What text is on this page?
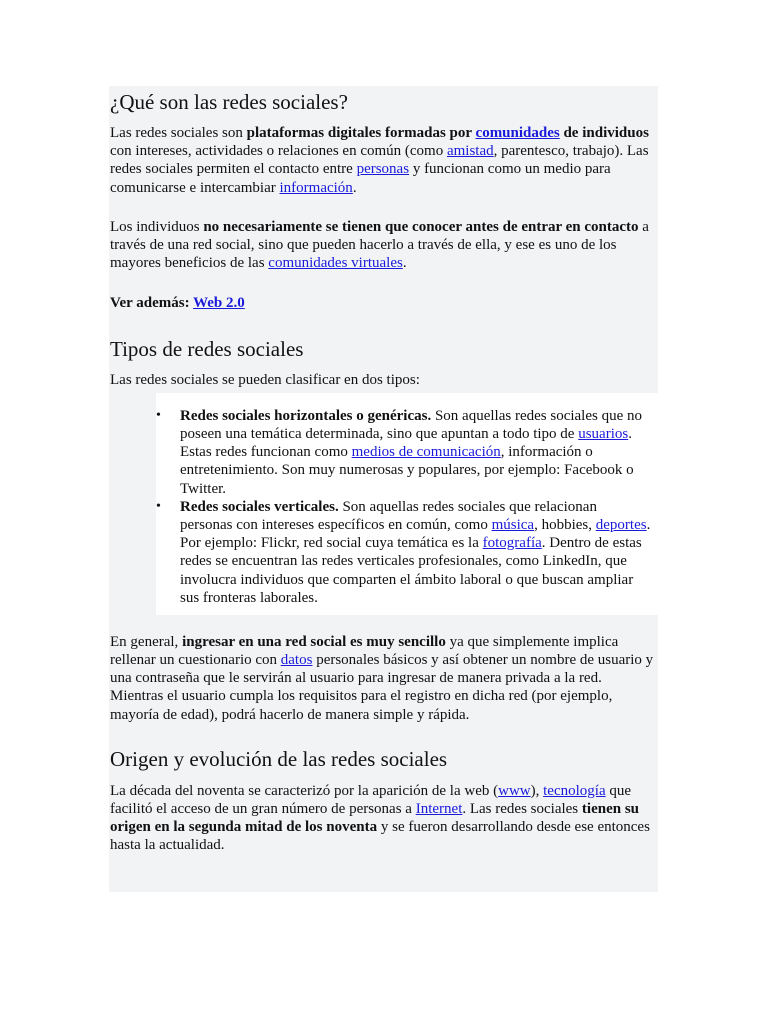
¿Qué son las redes sociales?

Las redes sociales son plataformas digitales formadas por comunidades de individuos con intereses, actividades o relaciones en común (como amistad, parentesco, trabajo). Las redes sociales permiten el contacto entre personas y funcionan como un medio para comunicarse e intercambiar información.

Los individuos no necesariamente se tienen que conocer antes de entrar en contacto a través de una red social, sino que pueden hacerlo a través de ella, y ese es uno de los mayores beneficios de las comunidades virtuales.

Ver además: Web 2.0

Tipos de redes sociales

Las redes sociales se pueden clasificar en dos tipos:

• Redes sociales horizontales o genéricas. Son aquellas redes sociales que no poseen una temática determinada, sino que apuntan a todo tipo de usuarios. Estas redes funcionan como medios de comunicación, información o entretenimiento. Son muy numerosas y populares, por ejemplo: Facebook o Twitter.
• Redes sociales verticales. Son aquellas redes sociales que relacionan personas con intereses específicos en común, como música, hobbies, deportes. Por ejemplo: Flickr, red social cuya temática es la fotografía. Dentro de estas redes se encuentran las redes verticales profesionales, como LinkedIn, que involucra individuos que comparten el ámbito laboral o que buscan ampliar sus fronteras laborales.

En general, ingresar en una red social es muy sencillo ya que simplemente implica rellenar un cuestionario con datos personales básicos y así obtener un nombre de usuario y una contraseña que le servirán al usuario para ingresar de manera privada a la red. Mientras el usuario cumpla los requisitos para el registro en dicha red (por ejemplo, mayoría de edad), podrá hacerlo de manera simple y rápida.

Origen y evolución de las redes sociales

La década del noventa se caracterizó por la aparición de la web (www), tecnología que facilitó el acceso de un gran número de personas a Internet. Las redes sociales tienen su origen en la segunda mitad de los noventa y se fueron desarrollando desde ese entonces hasta la actualidad.
